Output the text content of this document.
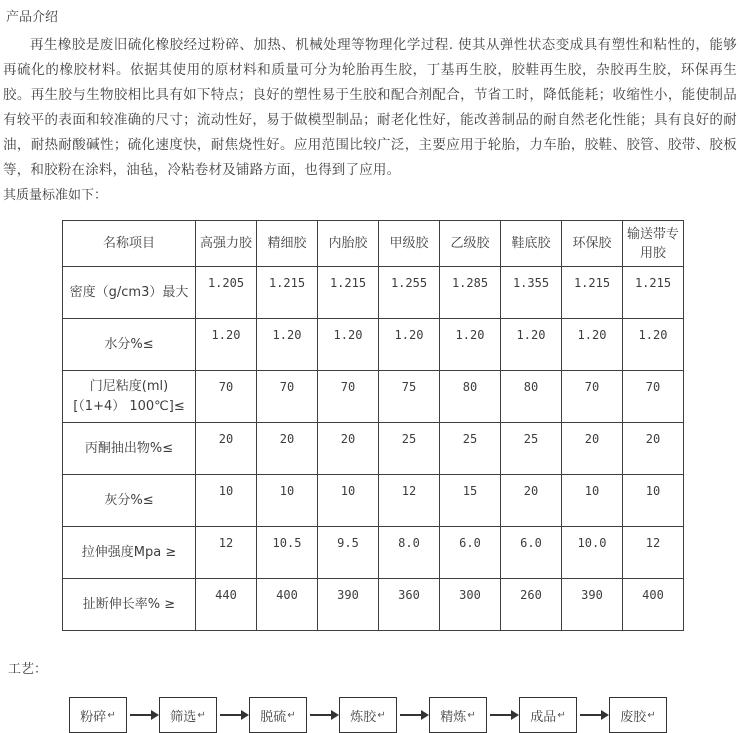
产品介绍
再生橡胶是废旧硫化橡胶经过粉碎、加热、机械处理等物理化学过程. 使其从弹性状态变成具有塑性和粘性的，能够再硫化的橡胶材料。依据其使用的原材料和质量可分为轮胎再生胶，丁基再生胶，胶鞋再生胶，杂胶再生胶，环保再生胶。再生胶与生物胶相比具有如下特点；良好的塑性易于生胶和配合剂配合，节省工时，降低能耗；收缩性小，能使制品有较平的表面和较准确的尺寸；流动性好，易于做模型制品；耐老化性好，能改善制品的耐自然老化性能；具有良好的耐油，耐热耐酸碱性；硫化速度快，耐焦烧性好。应用范围比较广泛，主要应用于轮胎，力车胎，胶鞋、胶管、胶带、胶板等，和胶粉在涂料，油毡，冷粘卷材及铺路方面，也得到了应用。
其质量标准如下：
名称项目	高强力胶	精细胶	内胎胶	甲级胶	乙级胶	鞋底胶	环保胶	输送带专用胶
密度（g/cm3）最大	1.205	1.215	1.215	1.255	1.285	1.355	1.215	1.215
水分%≤	1.20	1.20	1.20	1.20	1.20	1.20	1.20	1.20
门尼粘度(ml)[（1+4） 100℃]≤	70	70	70	75	80	80	70	70
丙酮抽出物%≤	20	20	20	25	25	25	20	20
灰分%≤	10	10	10	12	15	20	10	10
拉伸强度Mpa ≥	12	10.5	9.5	8.0	6.0	6.0	10.0	12
扯断伸长率% ≥	440	400	390	360	300	260	390	400
工艺：
粉碎 ↵	筛选 ↵	脱硫 ↵	炼胶 ↵	精炼 ↵	成品 ↵	废胶 ↵
